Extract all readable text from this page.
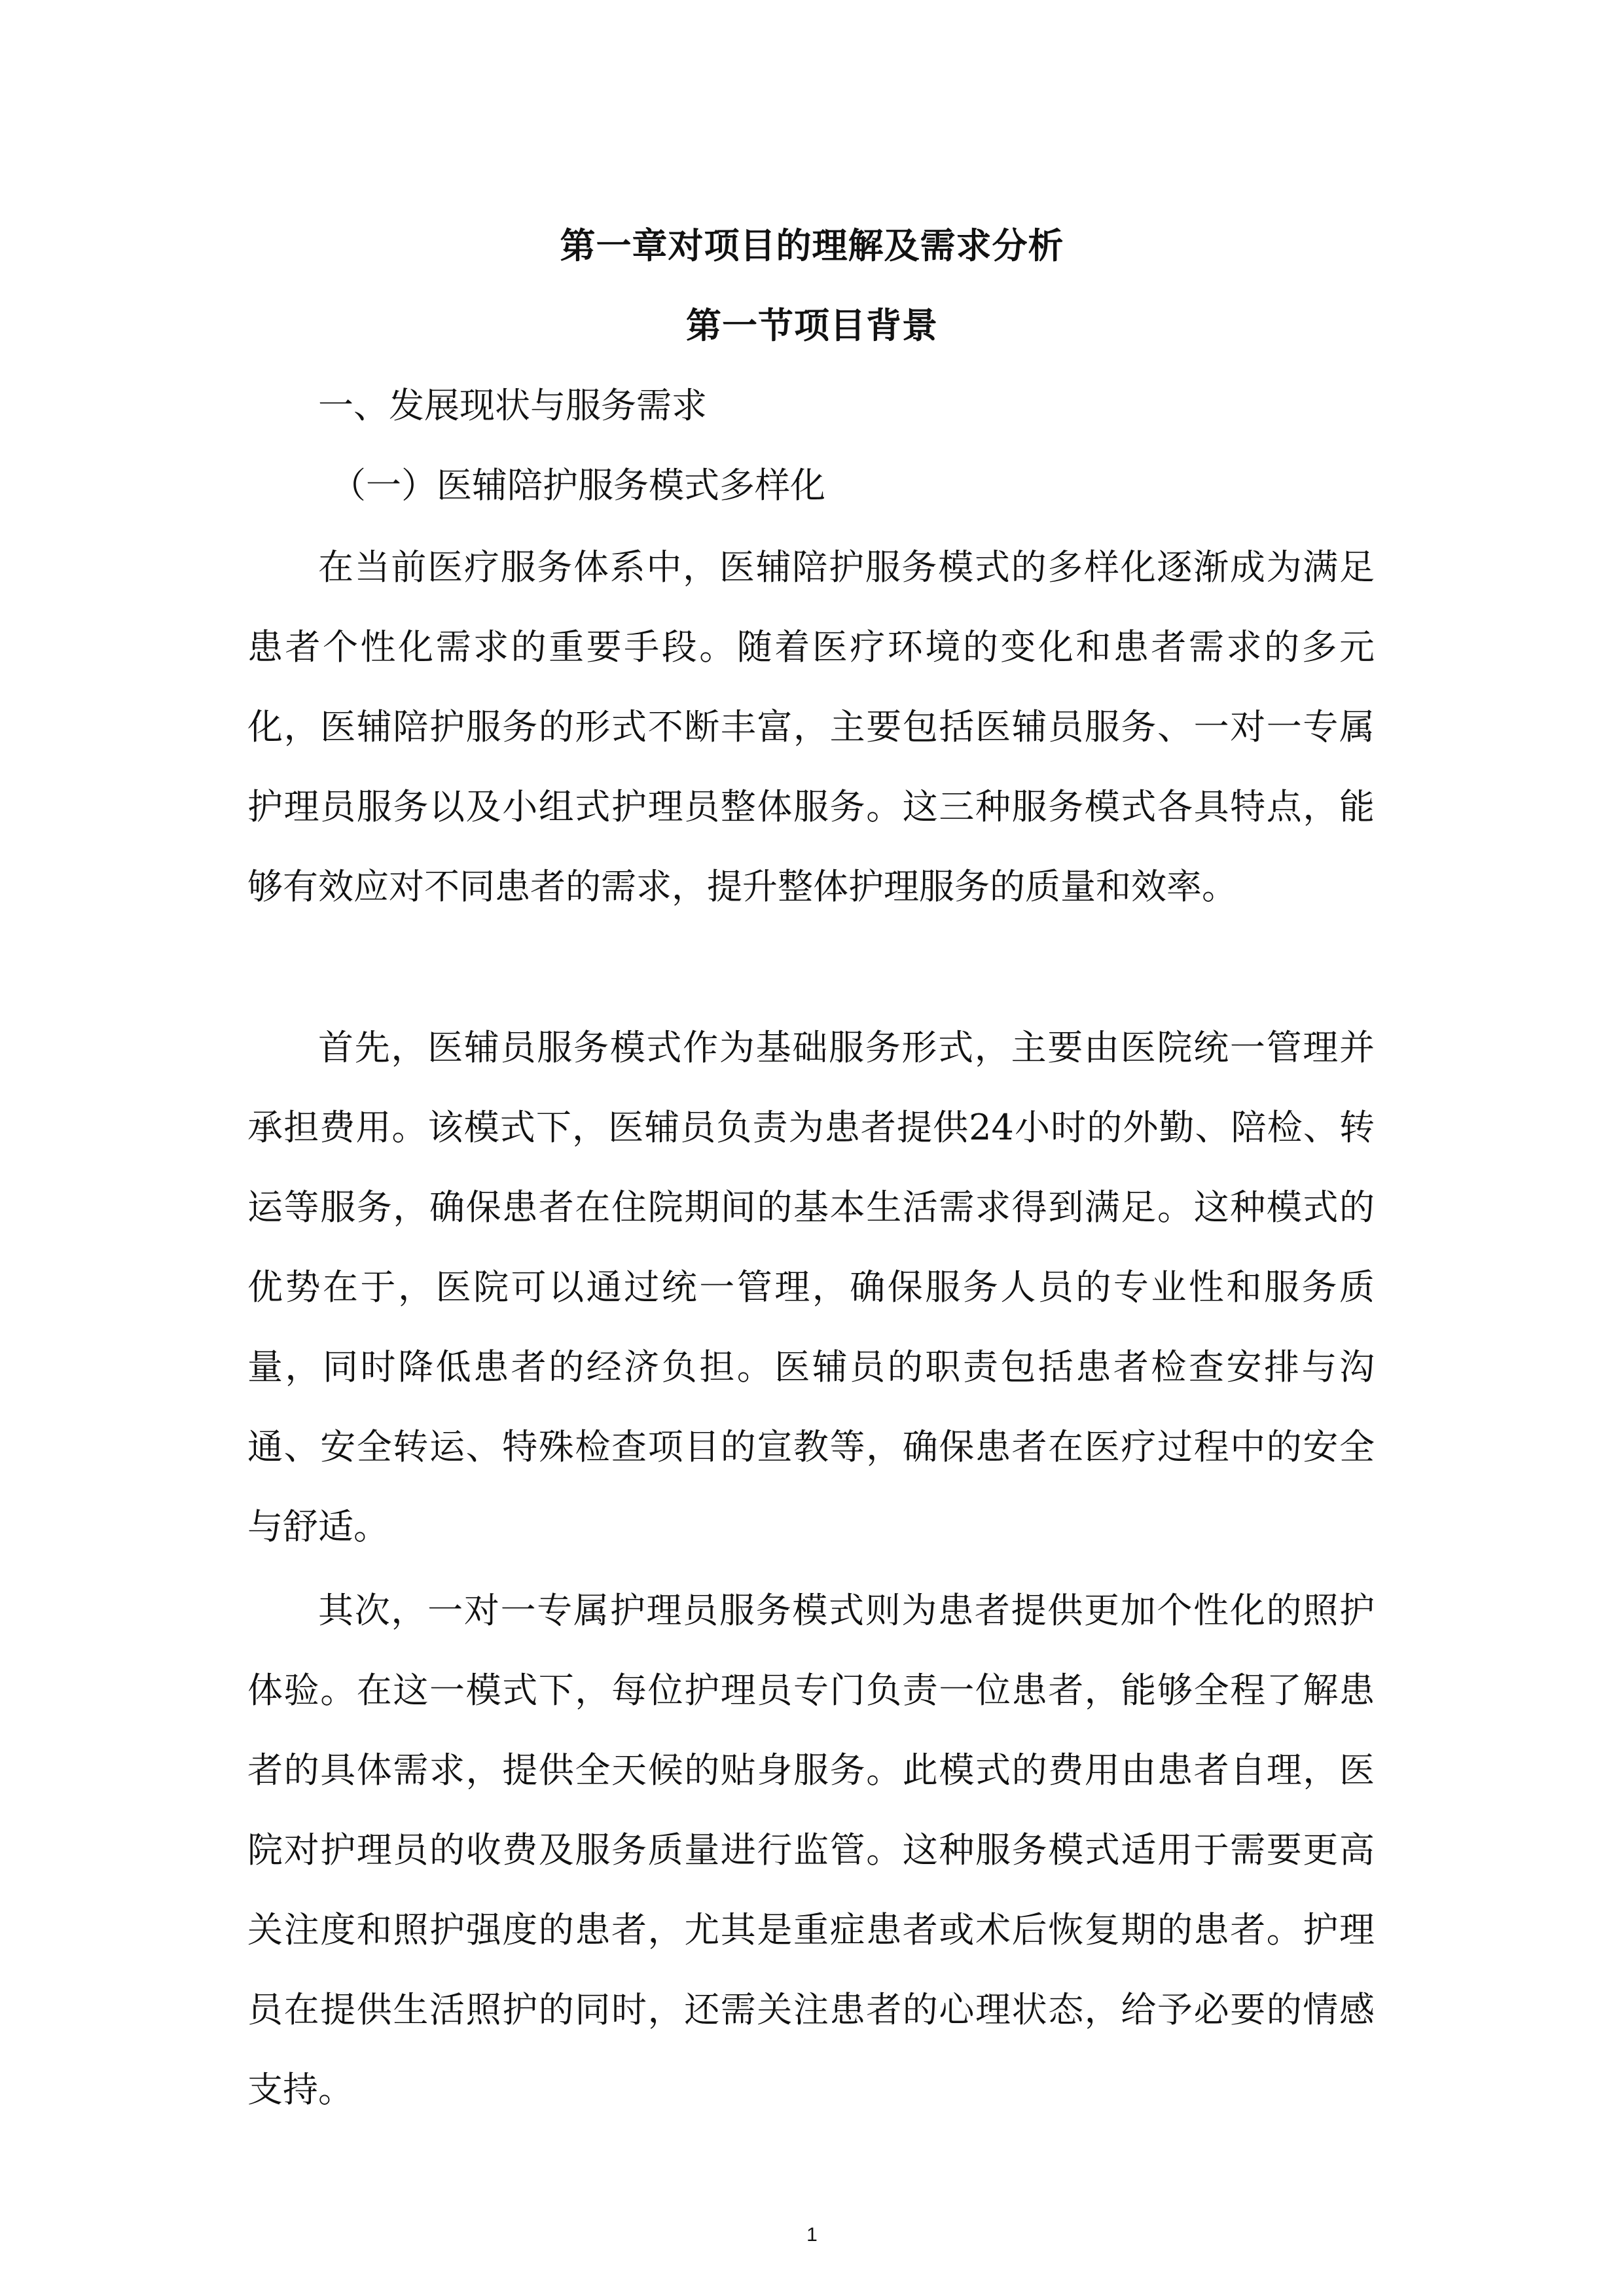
第一章对项目的理解及需求分析
第一节项目背景
一、发展现状与服务需求
（一）医辅陪护服务模式多样化

在当前医疗服务体系中，医辅陪护服务模式的多样化逐渐成为满足患者个性化需求的重要手段。随着医疗环境的变化和患者需求的多元化，医辅陪护服务的形式不断丰富，主要包括医辅员服务、一对一专属护理员服务以及小组式护理员整体服务。这三种服务模式各具特点，能够有效应对不同患者的需求，提升整体护理服务的质量和效率。

首先，医辅员服务模式作为基础服务形式，主要由医院统一管理并承担费用。该模式下，医辅员负责为患者提供24小时的外勤、陪检、转运等服务，确保患者在住院期间的基本生活需求得到满足。这种模式的优势在于，医院可以通过统一管理，确保服务人员的专业性和服务质量，同时降低患者的经济负担。医辅员的职责包括患者检查安排与沟通、安全转运、特殊检查项目的宣教等，确保患者在医疗过程中的安全与舒适。

其次，一对一专属护理员服务模式则为患者提供更加个性化的照护体验。在这一模式下，每位护理员专门负责一位患者，能够全程了解患者的具体需求，提供全天候的贴身服务。此模式的费用由患者自理，医院对护理员的收费及服务质量进行监管。这种服务模式适用于需要更高关注度和照护强度的患者，尤其是重症患者或术后恢复期的患者。护理员在提供生活照护的同时，还需关注患者的心理状态，给予必要的情感支持。

1
